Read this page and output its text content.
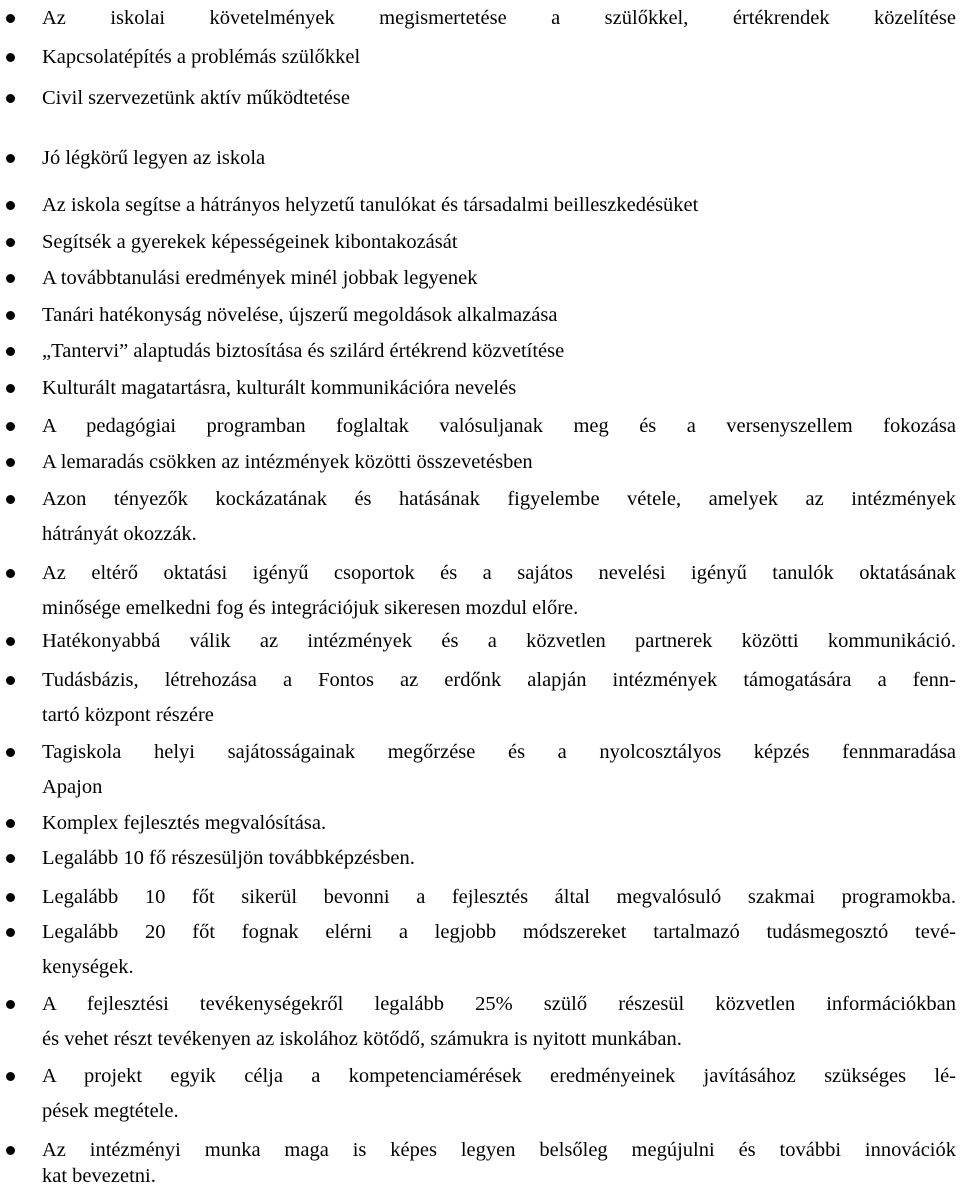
Az iskolai követelmények megismertetése a szülőkkel, értékrendek közelítése
Kapcsolatépítés a problémás szülőkkel
Civil szervezetünk aktív működtetése
Jó légkörű legyen az iskola
Az iskola segítse a hátrányos helyzetű tanulókat és társadalmi beilleszkedésüket
Segítsék a gyerekek képességeinek kibontakozását
A továbbtanulási eredmények minél jobbak legyenek
Tanári hatékonyság növelése, újszerű megoldások alkalmazása
„Tantervi” alaptudás biztosítása és szilárd értékrend közvetítése
Kulturált magatartásra, kulturált kommunikációra nevelés
A pedagógiai programban foglaltak valósuljanak meg és a versenyszellem fokozása
A lemaradás csökken az intézmények közötti összevetésben
Azon tényezők kockázatának és hatásának figyelembe vétele, amelyek az intézmények
hátrányát okozzák.
Az eltérő oktatási igényű csoportok és a sajátos nevelési igényű tanulók oktatásának
minősége emelkedni fog és integrációjuk sikeresen mozdul előre.
Hatékonyabbá válik az intézmények és a közvetlen partnerek közötti kommunikáció.
Tudásbázis, létrehozása a Fontos az erdőnk alapján intézmények támogatására a fenn-
tartó központ részére
Tagiskola helyi sajátosságainak megőrzése és a nyolcosztályos képzés fennmaradása
Apajon
Komplex fejlesztés megvalósítása.
Legalább 10 fő részesüljön továbbképzésben.
Legalább 10 főt sikerül bevonni a fejlesztés által megvalósuló szakmai programokba.
Legalább 20 főt fognak elérni a legjobb módszereket tartalmazó tudásmegosztó tevé-
kenységek.
A fejlesztési tevékenységekről legalább 25% szülő részesül közvetlen információkban
és vehet részt tevékenyen az iskolához kötődő, számukra is nyitott munkában.
A projekt egyik célja a kompetenciamérések eredményeinek javításához szükséges lé-
pések megtétele.
Az intézményi munka maga is képes legyen belsőleg megújulni és további innovációk
kat bevezetni.
